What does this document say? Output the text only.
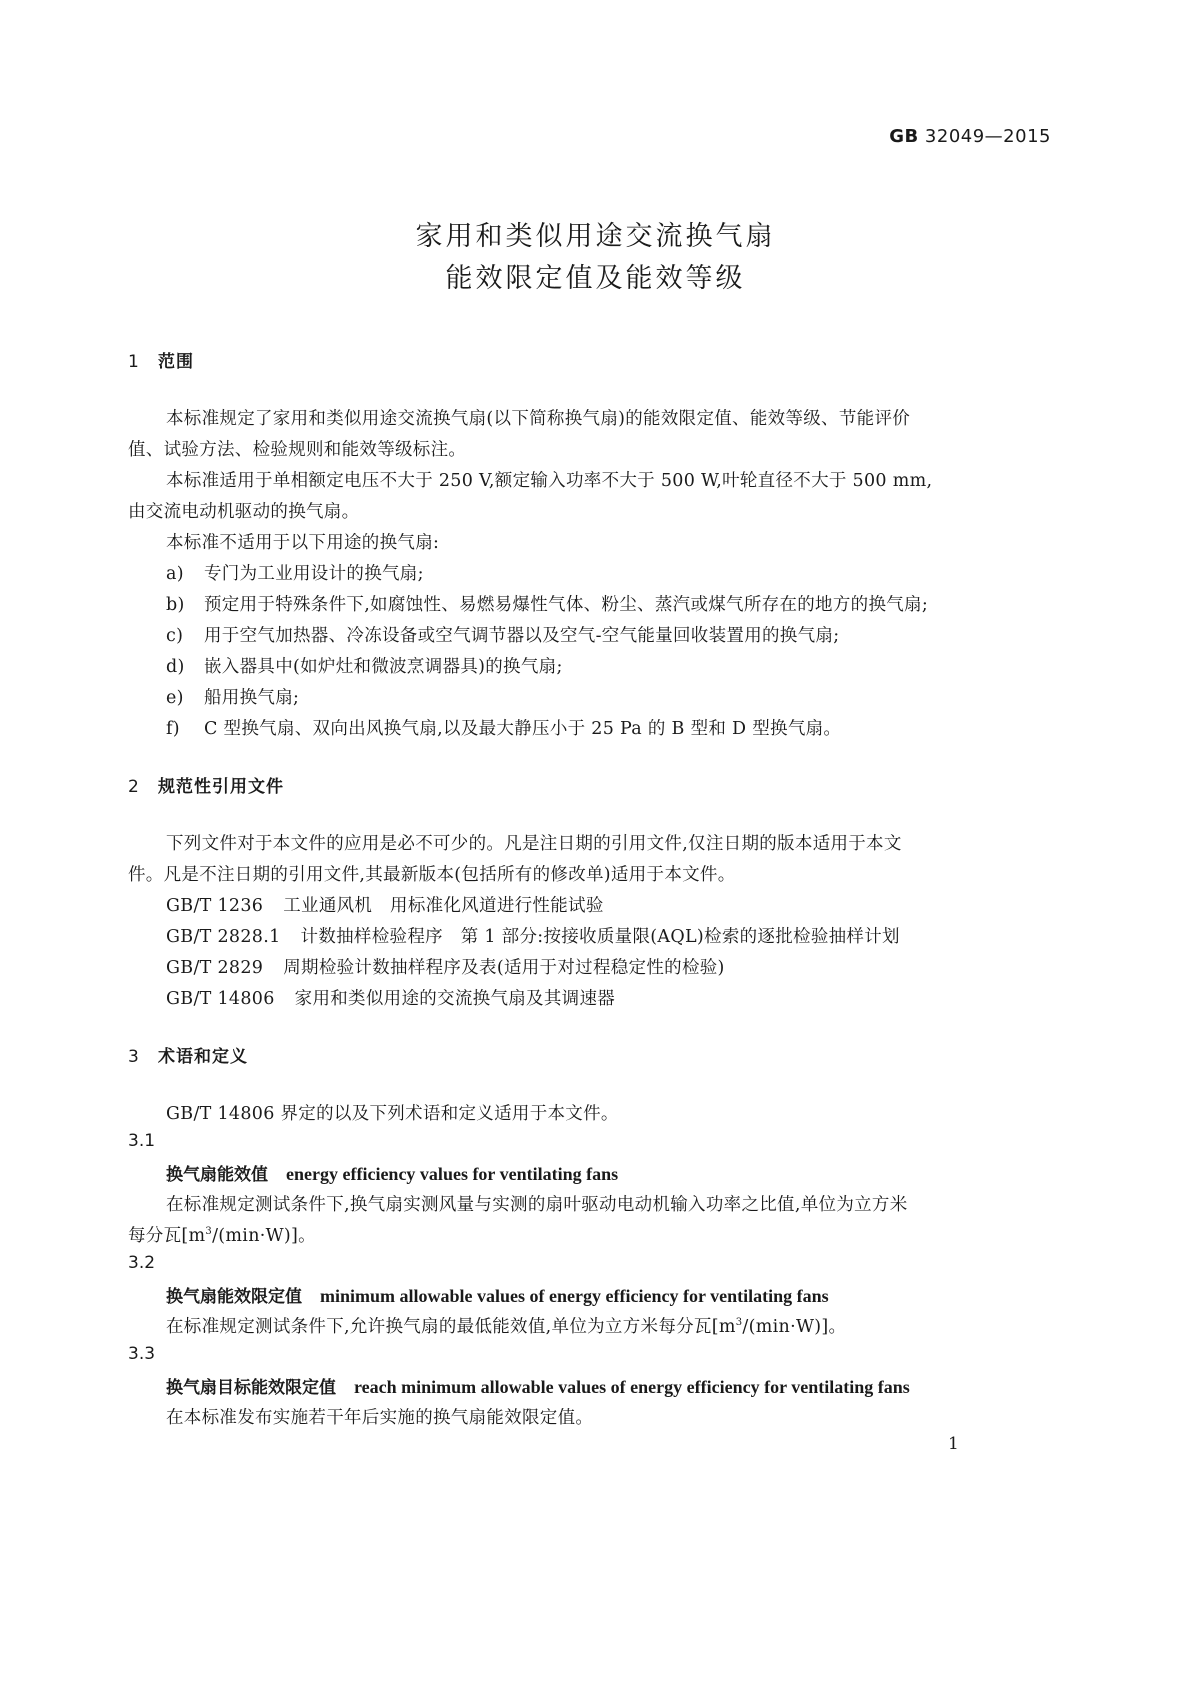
GB 32049—2015
家用和类似用途交流换气扇
能效限定值及能效等级
1 范围
本标准规定了家用和类似用途交流换气扇(以下简称换气扇)的能效限定值、能效等级、节能评价
值、试验方法、检验规则和能效等级标注。
本标准适用于单相额定电压不大于 250 V,额定输入功率不大于 500 W,叶轮直径不大于 500 mm,
由交流电动机驱动的换气扇。
本标准不适用于以下用途的换气扇:
a) 专门为工业用设计的换气扇;
b) 预定用于特殊条件下,如腐蚀性、易燃易爆性气体、粉尘、蒸汽或煤气所存在的地方的换气扇;
c) 用于空气加热器、冷冻设备或空气调节器以及空气-空气能量回收装置用的换气扇;
d) 嵌入器具中(如炉灶和微波烹调器具)的换气扇;
e) 船用换气扇;
f) C 型换气扇、双向出风换气扇,以及最大静压小于 25 Pa 的 B 型和 D 型换气扇。
2 规范性引用文件
下列文件对于本文件的应用是必不可少的。凡是注日期的引用文件,仅注日期的版本适用于本文
件。凡是不注日期的引用文件,其最新版本(包括所有的修改单)适用于本文件。
GB/T 1236 工业通风机　用标准化风道进行性能试验
GB/T 2828.1 计数抽样检验程序　第 1 部分:按接收质量限(AQL)检索的逐批检验抽样计划
GB/T 2829 周期检验计数抽样程序及表(适用于对过程稳定性的检验)
GB/T 14806 家用和类似用途的交流换气扇及其调速器
3 术语和定义
GB/T 14806 界定的以及下列术语和定义适用于本文件。
3.1
换气扇能效值 energy efficiency values for ventilating fans
在标准规定测试条件下,换气扇实测风量与实测的扇叶驱动电动机输入功率之比值,单位为立方米
每分瓦$[m^3/(\min\cdot W)]$。
3.2
换气扇能效限定值 minimum allowable values of energy efficiency for ventilating fans
在标准规定测试条件下,允许换气扇的最低能效值,单位为立方米每分瓦$[m^3/(\min\cdot W)]$。
3.3
换气扇目标能效限定值 reach minimum allowable values of energy efficiency for ventilating fans
在本标准发布实施若干年后实施的换气扇能效限定值。
1
